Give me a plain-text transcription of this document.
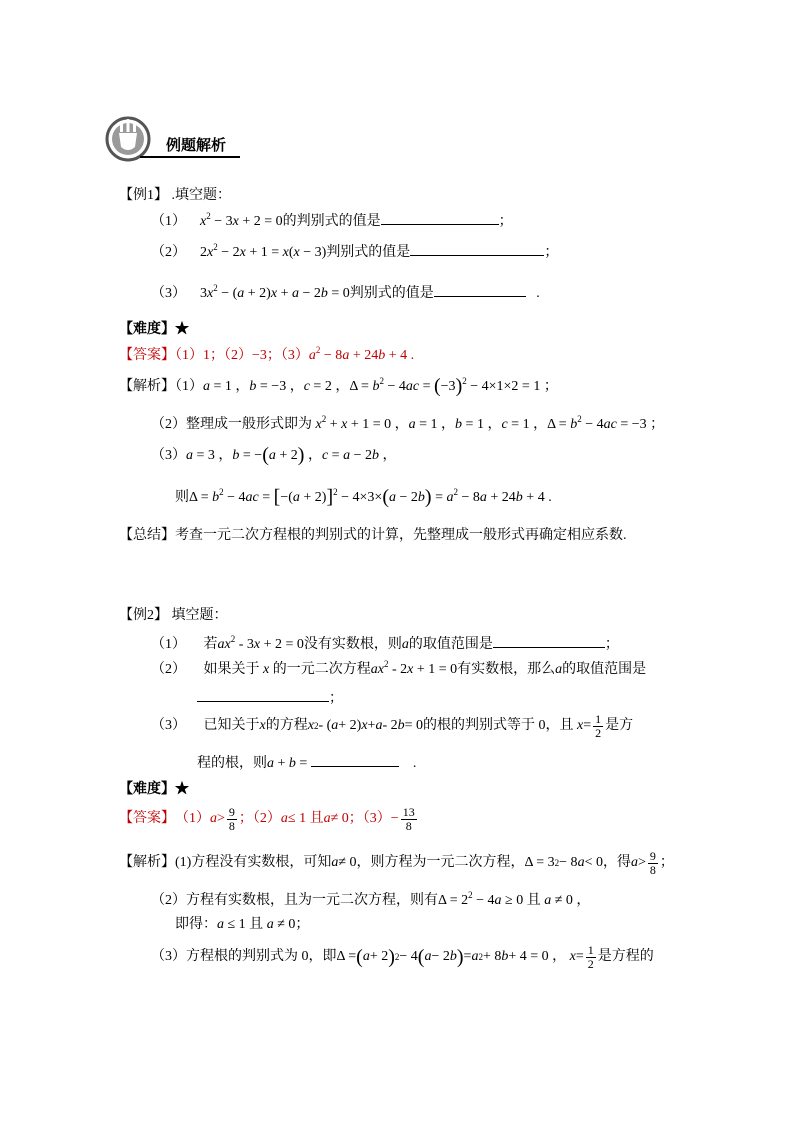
例题解析
【例1】 .填空题：
（1） $x^2 - 3x + 2 = 0$的判别式的值是	；
（2）    $2x^2 - 2x + 1 = x(x - 3)$判别式的值是	；
（3）    $3x^2 - (a + 2)x + a - 2b = 0$判别式的值是	.
【难度】★
【答案】（1）1；（2）−3；$(3)a^2 - 8a + 24b + 4$ .
【解析】（1）a = 1 ，b = −3 ，c = 2 ，$\Delta = b^2 - 4ac = (-3)^2 - 4\times 1\times 2 = 1$ ；
（2）整理成一般形式即为 $x^2 + x + 1 = 0$ ，a = 1 ，b = 1 ，c = 1 ，$\Delta = b^2 - 4ac = -3$ ；
（3）a = 3 ，b = −(a + 2) ，c = a − 2b ，
则$\Delta = b^2 - 4ac = [-(a + 2)]^2 - 4\times 3\times(a - 2b) = a^2 - 8a + 24b + 4$ .
【总结】考查一元二次方程根的判别式的计算，先整理成一般形式再确定相应系数.
【例2】 填空题：
（1） 若$ax^2 - 3x + 2 = 0$没有实数根，则a的取值范围是	；
（2） 如果关于 x 的一元二次方程$ax^2 - 2x + 1 = 0$有实数根，那么a的取值范围是
；
（3）
已知关于 x 的方程 x 2 - ( a + 2) x + a - 2 b = 0 的根的判别式等于 0，且
$x = \frac{1}{2}$ 是方
程的根，则a + b =	.
【难度】★
【答案】 （1） $a > \frac{9}{8}$ ；（2） a ≤ 1 且 a ≠ 0；$(3)- \frac{13}{8}$
【解析】 (1)方程没有实数根，可知 a ≠ 0 ，则方程为一元二次方程， Δ = 3 2 − 8 a < 0 ，得 $a > \frac{9}{8}$ ；
（2）方程有实数根，且为一元二次方程，则有$\Delta = 2^2 - 4a \ge 0$ 且 a ≠ 0 ，
即得：a ≤ 1 且 a ≠ 0；
（3）方程根的判别式为 0，即 Δ = ( a + 2 ) 2 − 4 ( a − 2 b ) = a 2 + 8 b + 4 = 0 ， $x = \frac{1}{2}$ 是方程的
